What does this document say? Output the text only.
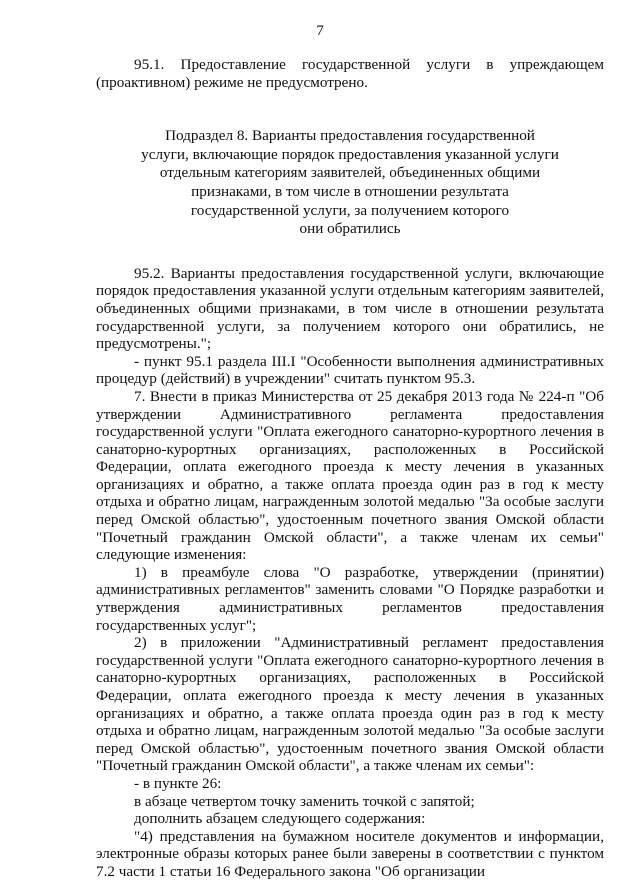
7

95.1. Предоставление государственной услуги в упреждающем (проактивном) режиме не предусмотрено.

Подраздел 8. Варианты предоставления государственной
услуги, включающие порядок предоставления указанной услуги
отдельным категориям заявителей, объединенных общими
признаками, в том числе в отношении результата
государственной услуги, за получением которого
они обратились

95.2. Варианты предоставления государственной услуги, включающие порядок предоставления указанной услуги отдельным категориям заявителей, объединенных общими признаками, в том числе в отношении результата государственной услуги, за получением которого они обратились, не предусмотрены.";

- пункт 95.1 раздела III.I "Особенности выполнения административных процедур (действий) в учреждении" считать пунктом 95.3.

7. Внести в приказ Министерства от 25 декабря 2013 года № 224-п "Об утверждении Административного регламента предоставления государственной услуги "Оплата ежегодного санаторно-курортного лечения в санаторно-курортных организациях, расположенных в Российской Федерации, оплата ежегодного проезда к месту лечения в указанных организациях и обратно, а также оплата проезда один раз в год к месту отдыха и обратно лицам, награжденным золотой медалью "За особые заслуги перед Омской областью", удостоенным почетного звания Омской области "Почетный гражданин Омской области", а также членам их семьи" следующие изменения:

1) в преамбуле слова "О разработке, утверждении (принятии) административных регламентов" заменить словами "О Порядке разработки и утверждения административных регламентов предоставления государственных услуг";

2) в приложении "Административный регламент предоставления государственной услуги "Оплата ежегодного санаторно-курортного лечения в санаторно-курортных организациях, расположенных в Российской Федерации, оплата ежегодного проезда к месту лечения в указанных организациях и обратно, а также оплата проезда один раз в год к месту отдыха и обратно лицам, награжденным золотой медалью "За особые заслуги перед Омской областью", удостоенным почетного звания Омской области "Почетный гражданин Омской области", а также членам их семьи":

- в пункте 26:

в абзаце четвертом точку заменить точкой с запятой;

дополнить абзацем следующего содержания:

"4) представления на бумажном носителе документов и информации, электронные образы которых ранее были заверены в соответствии с пунктом 7.2 части 1 статьи 16 Федерального закона "Об организации
